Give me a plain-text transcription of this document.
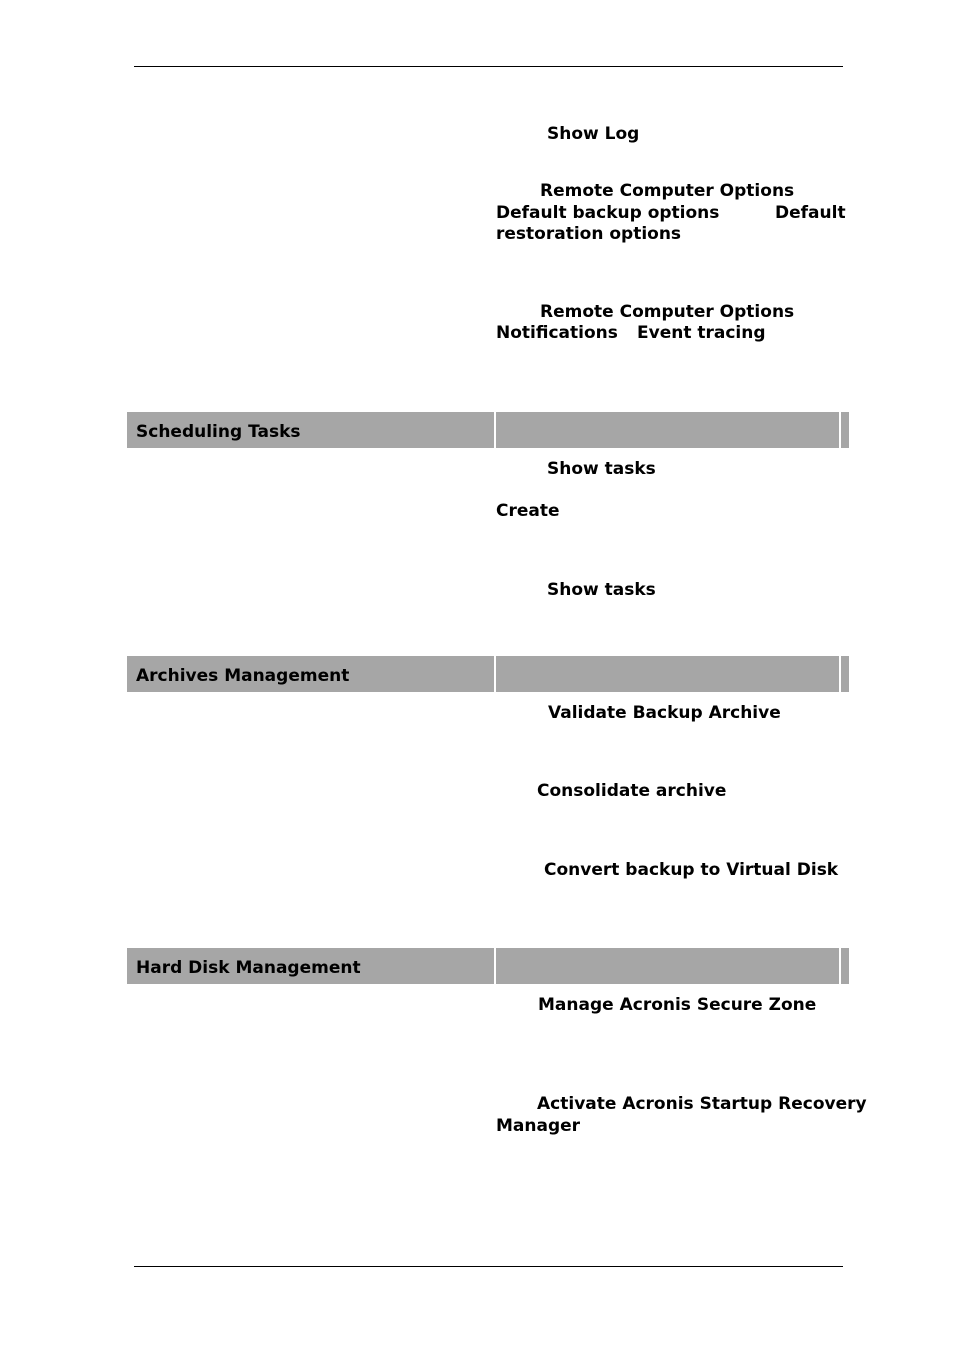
Show Log
Remote Computer Options
Default backup options	Default
restoration options
Remote Computer Options
Notifications Event tracing
Scheduling Tasks
Show tasks
Create
Show tasks
Archives Management
Validate Backup Archive
Consolidate archive
Convert backup to Virtual Disk
Hard Disk Management
Manage Acronis Secure Zone
Activate Acronis Startup Recovery
Manager
